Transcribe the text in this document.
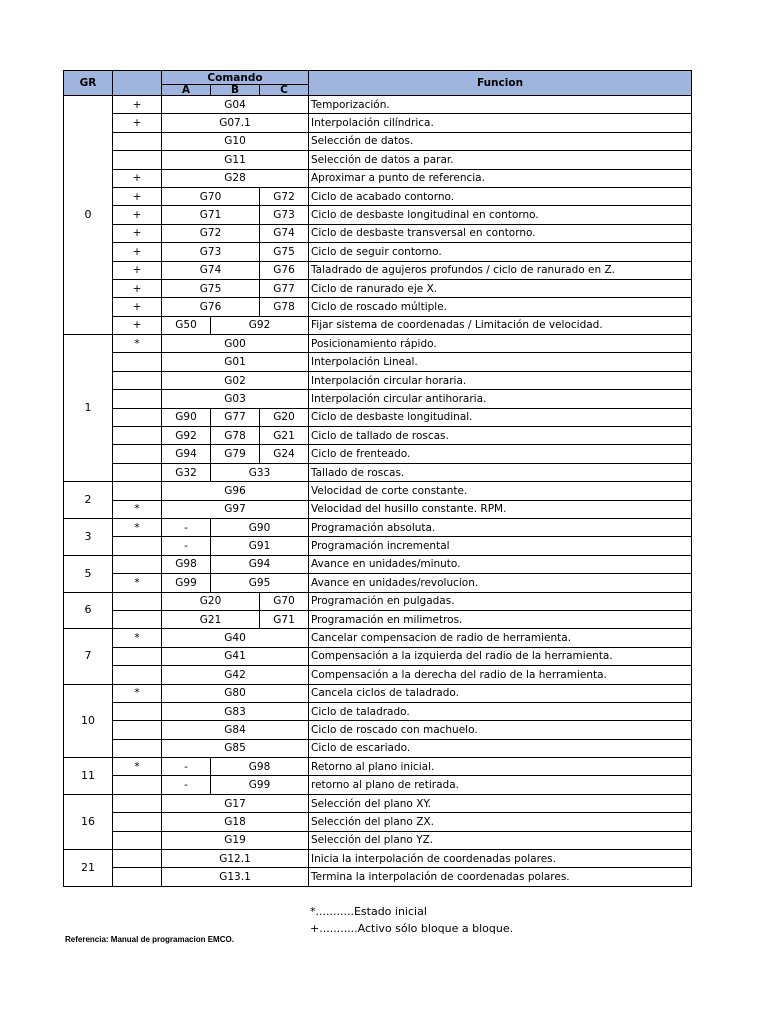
GR		Comando			Funcion
		A	B	C	
0	+	G04			Temporización.
	+	G07.1			Interpolación cilíndrica.
		G10			Selección de datos.
		G11			Selección de datos a parar.
	+	G28			Aproximar a punto de referencia.
	+	G70		G72	Ciclo de acabado contorno.
	+	G71		G73	Ciclo de desbaste longitudinal en contorno.
	+	G72		G74	Ciclo de desbaste transversal en contorno.
	+	G73		G75	Ciclo de seguir contorno.
	+	G74		G76	Taladrado de agujeros profundos / ciclo de ranurado en Z.
	+	G75		G77	Ciclo de ranurado eje X.
	+	G76		G78	Ciclo de roscado múltiple.
	+	G50	G92		Fijar sistema de coordenadas / Limitación de velocidad.
1	*	G00			Posicionamiento rápido.
		G01			Interpolación Lineal.
		G02			Interpolación circular horaria.
		G03			Interpolación circular antihoraria.
		G90	G77	G20	Ciclo de desbaste longitudinal.
		G92	G78	G21	Ciclo de tallado de roscas.
		G94	G79	G24	Ciclo de frenteado.
		G32	G33		Tallado de roscas.
2		G96			Velocidad de corte constante.
	*	G97			Velocidad del husillo constante. RPM.
3	*	-	G90		Programación absoluta.
		-	G91		Programación incremental
5		G98	G94		Avance en unidades/minuto.
	*	G99	G95		Avance en unidades/revolucion.
6		G20		G70	Programación en pulgadas.
		G21		G71	Programación en milimetros.
7	*	G40			Cancelar compensacion de radio de herramienta.
		G41			Compensación a la izquierda del radio de la herramienta.
		G42			Compensación a la derecha del radio de la herramienta.
10	*	G80			Cancela ciclos de taladrado.
		G83			Ciclo de taladrado.
		G84			Ciclo de roscado con machuelo.
		G85			Ciclo de escariado.
11	*	-	G98		Retorno al plano inicial.
		-	G99		retorno al plano de retirada.
16		G17			Selección del plano XY.
		G18			Selección del plano ZX.
		G19			Selección del plano YZ.
21		G12.1			Inicia la interpolación de coordenadas polares.
		G13.1			Termina la interpolación de coordenadas polares.
*...........Estado inicial
+...........Activo sólo bloque a bloque.
Referencia: Manual de programacion EMCO.
